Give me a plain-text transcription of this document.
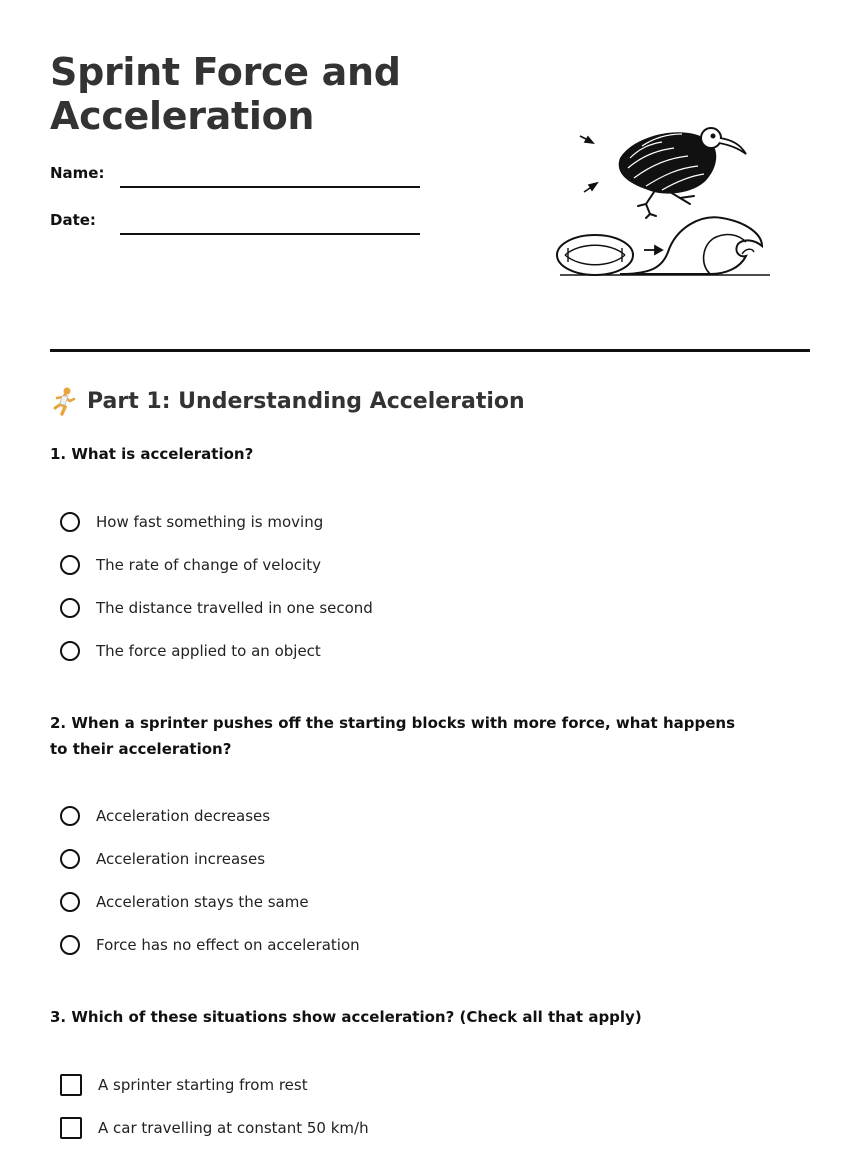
Sprint Force and
Acceleration
Name:
Date:
Part 1: Understanding Acceleration

1. What is acceleration?

How fast something is moving
The rate of change of velocity
The distance travelled in one second
The force applied to an object

2. When a sprinter pushes off the starting blocks with more force, what happens to their acceleration?

Acceleration decreases
Acceleration increases
Acceleration stays the same
Force has no effect on acceleration

3. Which of these situations show acceleration? (Check all that apply)

A sprinter starting from rest
A car travelling at constant 50 km/h
